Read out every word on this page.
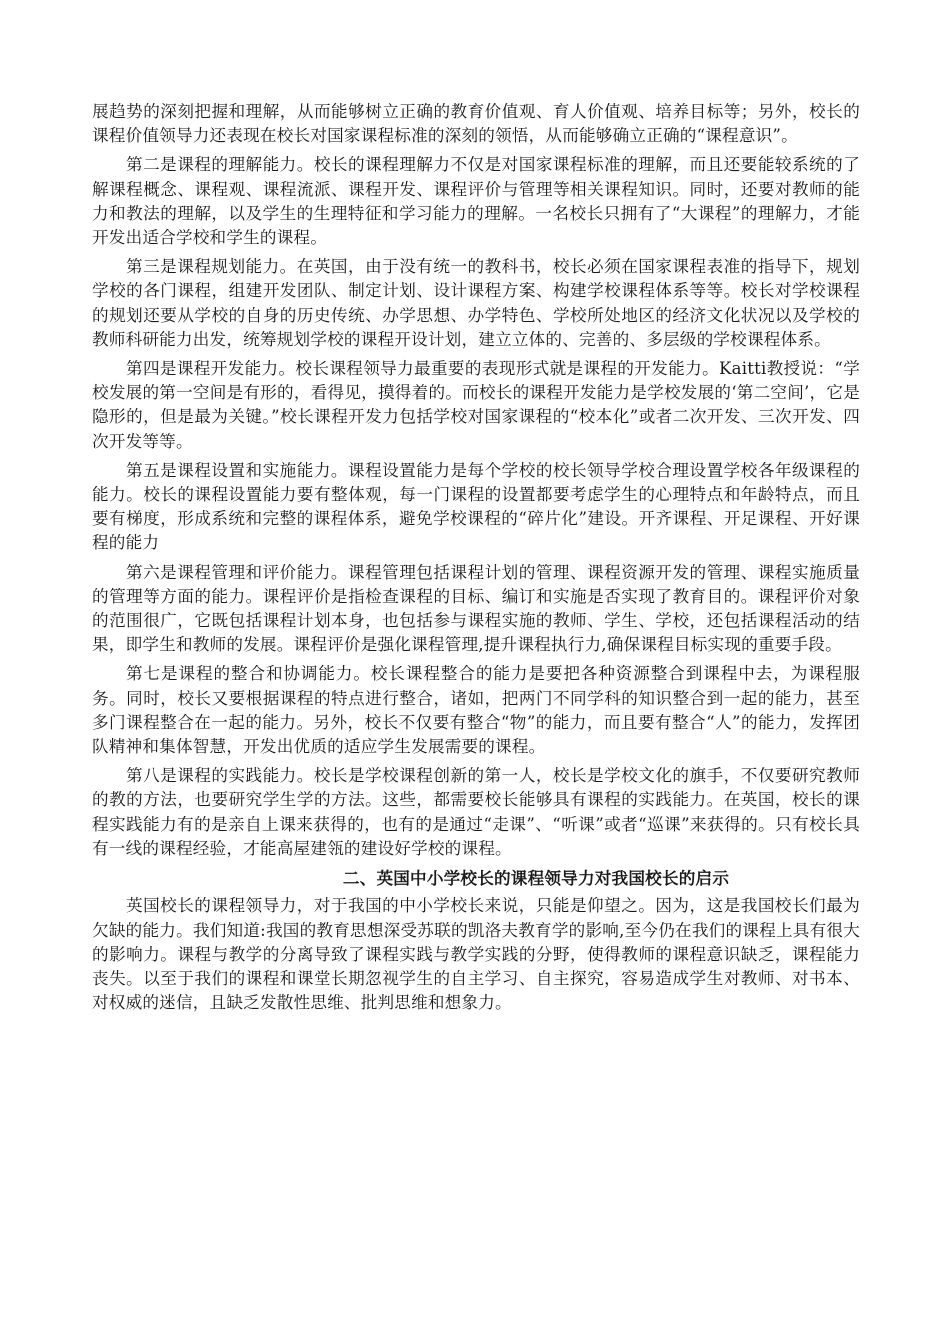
展趋势的深刻把握和理解，从而能够树立正确的教育价值观、育人价值观、培养目标等；另外，校长的课程价值领导力还表现在校长对国家课程标准的深刻的领悟，从而能够确立正确的“课程意识”。

第二是课程的理解能力。校长的课程理解力不仅是对国家课程标准的理解，而且还要能较系统的了解课程概念、课程观、课程流派、课程开发、课程评价与管理等相关课程知识。同时，还要对教师的能力和教法的理解，以及学生的生理特征和学习能力的理解。一名校长只拥有了“大课程”的理解力，才能开发出适合学校和学生的课程。

第三是课程规划能力。在英国，由于没有统一的教科书，校长必须在国家课程表准的指导下，规划学校的各门课程，组建开发团队、制定计划、设计课程方案、构建学校课程体系等等。校长对学校课程的规划还要从学校的自身的历史传统、办学思想、办学特色、学校所处地区的经济文化状况以及学校的教师科研能力出发，统筹规划学校的课程开设计划，建立立体的、完善的、多层级的学校课程体系。

第四是课程开发能力。校长课程领导力最重要的表现形式就是课程的开发能力。Kaitti教授说：“学校发展的第一空间是有形的，看得见，摸得着的。而校长的课程开发能力是学校发展的‘第二空间’，它是隐形的，但是最为关键。”校长课程开发力包括学校对国家课程的“校本化”或者二次开发、三次开发、四次开发等等。

第五是课程设置和实施能力。课程设置能力是每个学校的校长领导学校合理设置学校各年级课程的能力。校长的课程设置能力要有整体观，每一门课程的设置都要考虑学生的心理特点和年龄特点，而且要有梯度，形成系统和完整的课程体系，避免学校课程的“碎片化”建设。开齐课程、开足课程、开好课程的能力

第六是课程管理和评价能力。课程管理包括课程计划的管理、课程资源开发的管理、课程实施质量的管理等方面的能力。课程评价是指检查课程的目标、编订和实施是否实现了教育目的。课程评价对象的范围很广，它既包括课程计划本身，也包括参与课程实施的教师、学生、学校，还包括课程活动的结果，即学生和教师的发展。课程评价是强化课程管理,提升课程执行力,确保课程目标实现的重要手段。

第七是课程的整合和协调能力。校长课程整合的能力是要把各种资源整合到课程中去，为课程服务。同时，校长又要根据课程的特点进行整合，诸如，把两门不同学科的知识整合到一起的能力，甚至多门课程整合在一起的能力。另外，校长不仅要有整合“物”的能力，而且要有整合“人”的能力，发挥团队精神和集体智慧，开发出优质的适应学生发展需要的课程。

第八是课程的实践能力。校长是学校课程创新的第一人，校长是学校文化的旗手，不仅要研究教师的教的方法，也要研究学生学的方法。这些，都需要校长能够具有课程的实践能力。在英国，校长的课程实践能力有的是亲自上课来获得的，也有的是通过“走课”、“听课”或者“巡课”来获得的。只有校长具有一线的课程经验，才能高屋建瓴的建设好学校的课程。

二、英国中小学校长的课程领导力对我国校长的启示

英国校长的课程领导力，对于我国的中小学校长来说，只能是仰望之。因为，这是我国校长们最为欠缺的能力。我们知道:我国的教育思想深受苏联的凯洛夫教育学的影响,至今仍在我们的课程上具有很大的影响力。课程与教学的分离导致了课程实践与教学实践的分野，使得教师的课程意识缺乏，课程能力丧失。以至于我们的课程和课堂长期忽视学生的自主学习、自主探究，容易造成学生对教师、对书本、对权威的迷信，且缺乏发散性思维、批判思维和想象力。
